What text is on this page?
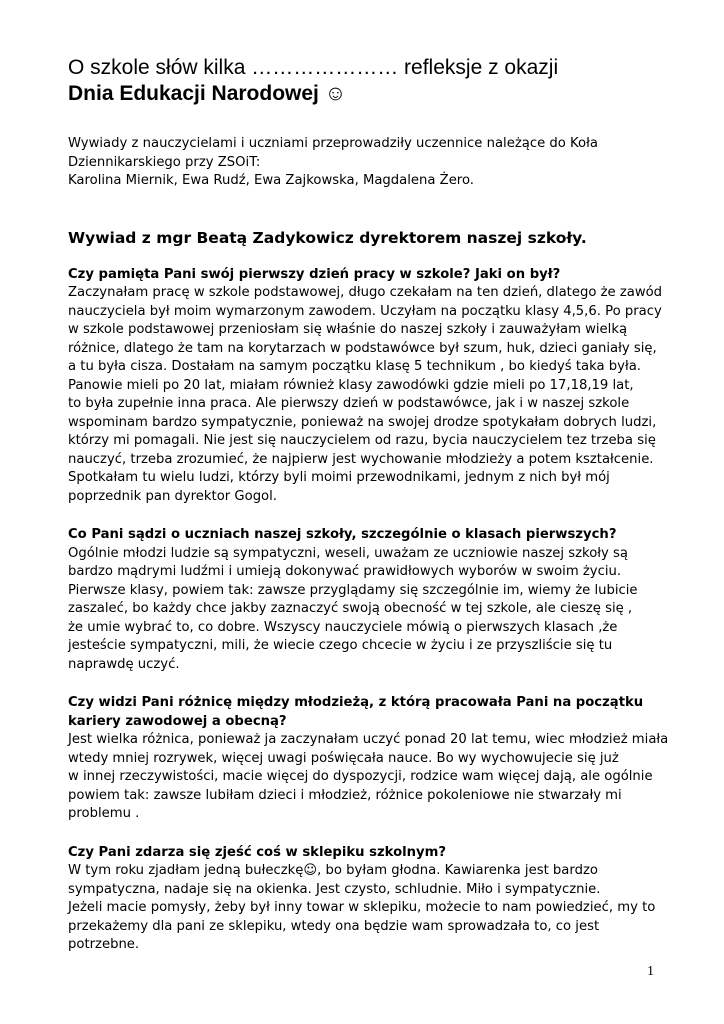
O szkole słów kilka ………………… refleksje z okazji

Dnia Edukacji Narodowej ☺

Wywiady z nauczycielami i uczniami przeprowadziły uczennice należące do Koła

Dziennikarskiego przy ZSOiT:

Karolina Miernik, Ewa Rudź, Ewa Zajkowska, Magdalena Żero.

Wywiad z mgr Beatą Zadykowicz dyrektorem naszej szkoły.
Czy pamięta Pani swój pierwszy dzień pracy w szkole? Jaki on był?
Zaczynałam pracę w szkole podstawowej, długo czekałam na ten dzień, dlatego że zawód
nauczyciela był moim wymarzonym zawodem. Uczyłam na początku klasy 4,5,6. Po pracy
w szkole podstawowej przeniosłam się właśnie do naszej szkoły i zauważyłam wielką
różnice, dlatego że tam na korytarzach w podstawówce był szum, huk, dzieci ganiały się,
a tu była cisza. Dostałam na samym początku klasę 5 technikum , bo kiedyś taka była.
Panowie mieli po 20 lat, miałam również klasy zawodówki gdzie mieli po 17,18,19 lat,
to była zupełnie inna praca. Ale pierwszy dzień w podstawówce, jak i w naszej szkole
wspominam bardzo sympatycznie, ponieważ na swojej drodze spotykałam dobrych ludzi,
którzy mi pomagali. Nie jest się nauczycielem od razu, bycia nauczycielem tez trzeba się
nauczyć, trzeba zrozumieć, że najpierw jest wychowanie młodzieży a potem kształcenie.
Spotkałam tu wielu ludzi, którzy byli moimi przewodnikami, jednym z nich był mój
poprzednik pan dyrektor Gogol.
Co Pani sądzi o uczniach naszej szkoły, szczególnie o klasach pierwszych?
Ogólnie młodzi ludzie są sympatyczni, weseli, uważam ze uczniowie naszej szkoły są
bardzo mądrymi ludźmi i umieją dokonywać prawidłowych wyborów w swoim życiu.
Pierwsze klasy, powiem tak: zawsze przyglądamy się szczególnie im, wiemy że lubicie
zaszaleć, bo każdy chce jakby zaznaczyć swoją obecność w tej szkole, ale cieszę się ,
że umie wybrać to, co dobre. Wszyscy nauczyciele mówią o pierwszych klasach ,że
jesteście sympatyczni, mili, że wiecie czego chcecie w życiu i ze przyszliście się tu
naprawdę uczyć.
Czy widzi Pani różnicę między młodzieżą, z którą pracowała Pani na początku
kariery zawodowej a obecną?
Jest wielka różnica, ponieważ ja zaczynałam uczyć ponad 20 lat temu, wiec młodzież miała
wtedy mniej rozrywek, więcej uwagi poświęcała nauce. Bo wy wychowujecie się już
w innej rzeczywistości, macie więcej do dyspozycji, rodzice wam więcej dają, ale ogólnie
powiem tak: zawsze lubiłam dzieci i młodzież, różnice pokoleniowe nie stwarzały mi
problemu .
Czy Pani zdarza się zjeść coś w sklepiku szkolnym?
W tym roku zjadłam jedną bułeczkę☺, bo byłam głodna. Kawiarenka jest bardzo
sympatyczna, nadaje się na okienka. Jest czysto, schludnie. Miło i sympatycznie.
Jeżeli macie pomysły, żeby był inny towar w sklepiku, możecie to nam powiedzieć, my to
przekażemy dla pani ze sklepiku, wtedy ona będzie wam sprowadzała to, co jest
potrzebne.
1
